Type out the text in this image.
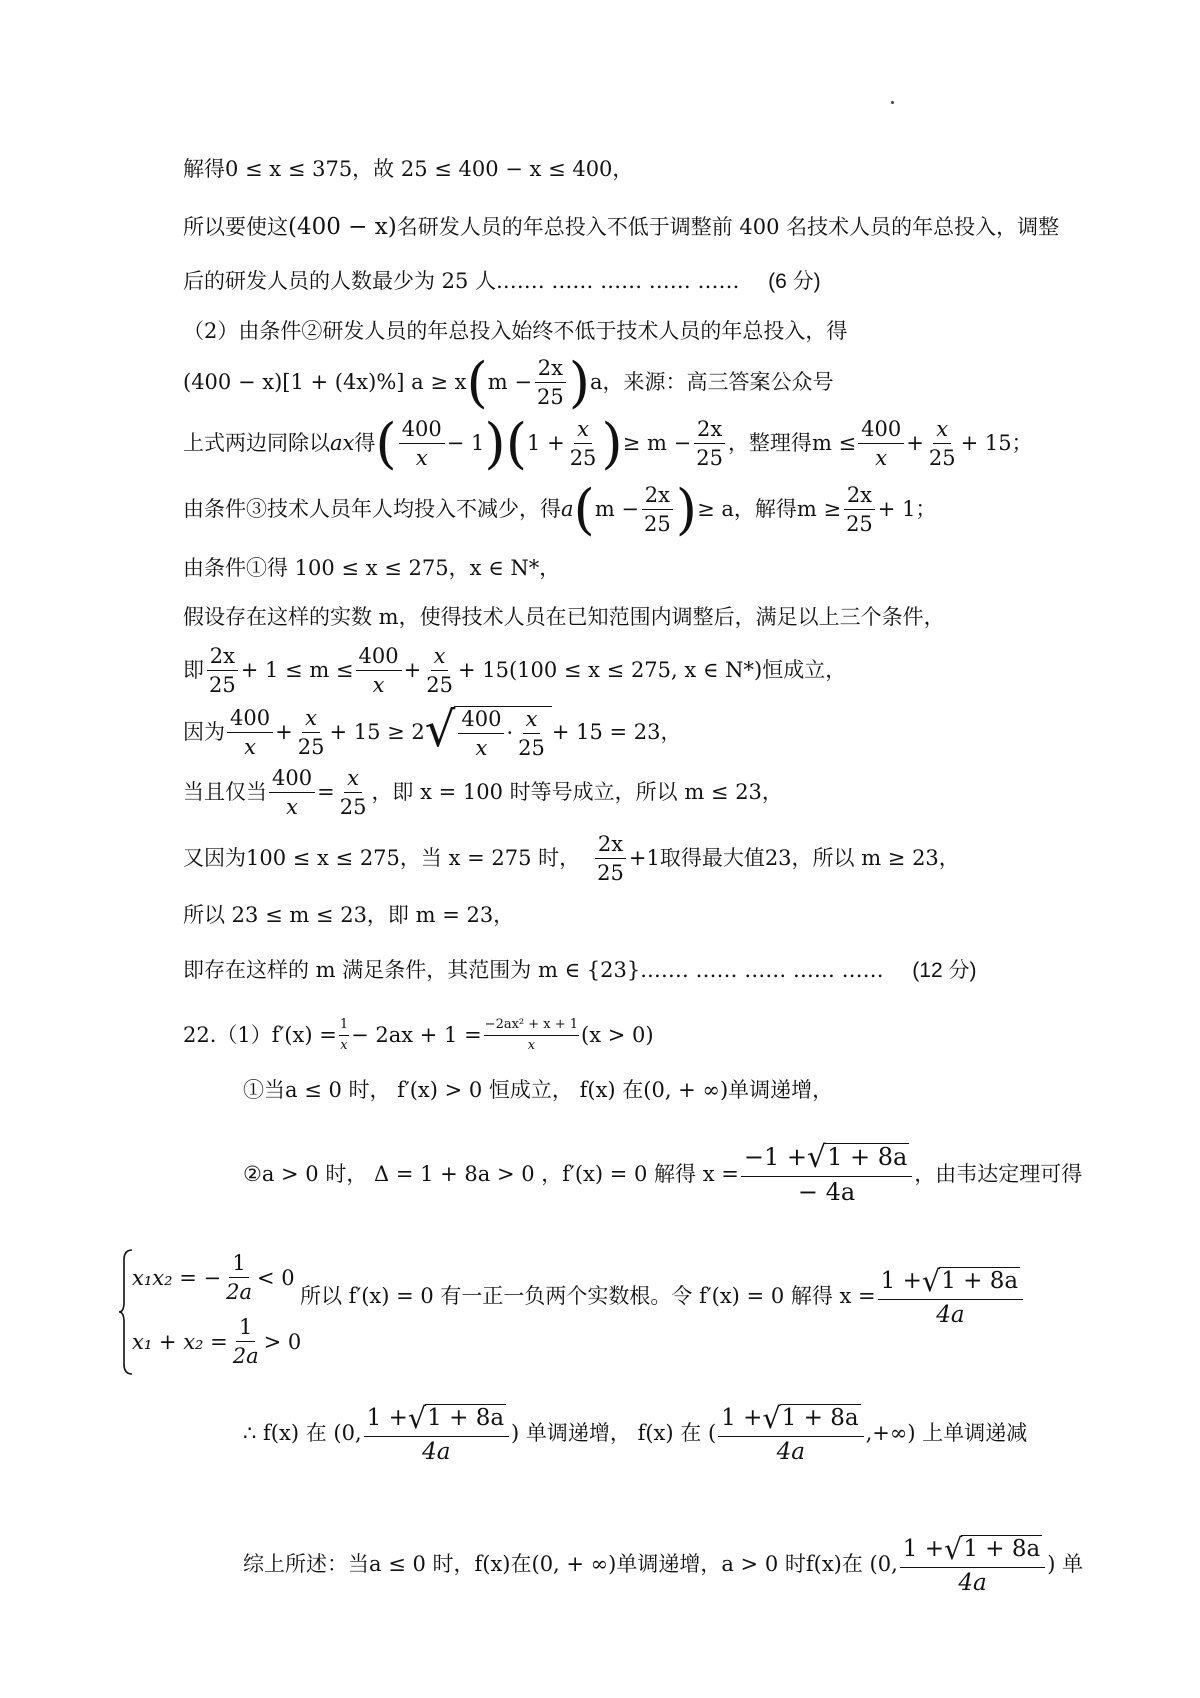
解得0 ≤ x ≤ 375，故 25 ≤ 400 − x ≤ 400，
所以要使这(400 − x)名研发人员的年总投入不低于调整前 400 名技术人员的年总投入，调整
后的研发人员的人数最少为 25 人.…… …… …… …… …… (6 分)
（2）由条件②研发人员的年总投入始终不低于技术人员的年总投入，得
(400 − x)[1 + (4x)%] a ≥ x ( $m - \frac{2x}{25}$ ) a，来源：高三答案公众号
上式两边同除以 ax 得 ( $\frac{400}{x} - 1$ ) ( $1 + \frac{x}{25}$ ) ≥ $m - \frac{2x}{25}$ ，整理得 $m \le \frac{400}{x} + \frac{x}{25} + 15$；
由条件③技术人员年人均投入不减少，得 a ( $m - \frac{2x}{25}$ ) ≥ a ，解得 $m \ge \frac{2x}{25} + 1$；
由条件①得 100 ≤ x ≤ 275，x ∈ N*，
假设存在这样的实数 m，使得技术人员在已知范围内调整后，满足以上三个条件，
即 $\frac{2x}{25} + 1 \le m \le \frac{400}{x} + \frac{x}{25} + 15$ (100 ≤ x ≤ 275, x ∈ N*)恒成立，
因为 $\frac{400}{x} + \frac{x}{25} + 15 \ge 2$ √ $\frac{400}{x} \cdot \frac{x}{25} + 15 = 23$，
当且仅当 $\frac{400}{x} = \frac{x}{25}$ ，即 x = 100 时等号成立，所以 m ≤ 23，
又因为100 ≤ x ≤ 275，当 x = 275 时， $\frac{2x}{25} +1$取得最大值23，所以 m ≥ 23，
所以 23 ≤ m ≤ 23，即 m = 23，
即存在这样的 m 满足条件，其范围为 m ∈ {23}.…… …… …… …… …… (12 分)
$22.(1)f'(x) = \frac{1}{x} - 2ax + 1 = \frac{\text{−2ax² + x + 1}}{x} (x > 0)$
①当a ≤ 0 时， f′(x) > 0 恒成立， f(x) 在(0, + ∞)单调递增，
②a > 0 时， Δ = 1 + 8a > 0 ，f′(x) = 0 解得 $x = \frac{-1 + √ 1 + 8a}{- 4a}$ ，由韦达定理可得
x₁x₂ = − $\frac{1}{2a} < 0$
$x_1 + x_2 = \frac{1}{2a} > 0$
所以 f′(x) = 0 有一正一负两个实数根。令 f′(x) = 0 解得 $x = \frac{1 + √ 1 + 8a}{4a}$
∴ f(x) 在 (0, $\frac{1 + √ 1 + 8a}{4a}$ ) 单调递增， f(x) 在 ( $\frac{1 + √ 1 + 8a}{4a}$ ,+∞) 上单调递减
综上所述：当a ≤ 0 时，f(x)在(0, + ∞)单调递增，a > 0 时f(x)在 (0, $\frac{1 + √ 1 + 8a}{4a}$ ) 单
